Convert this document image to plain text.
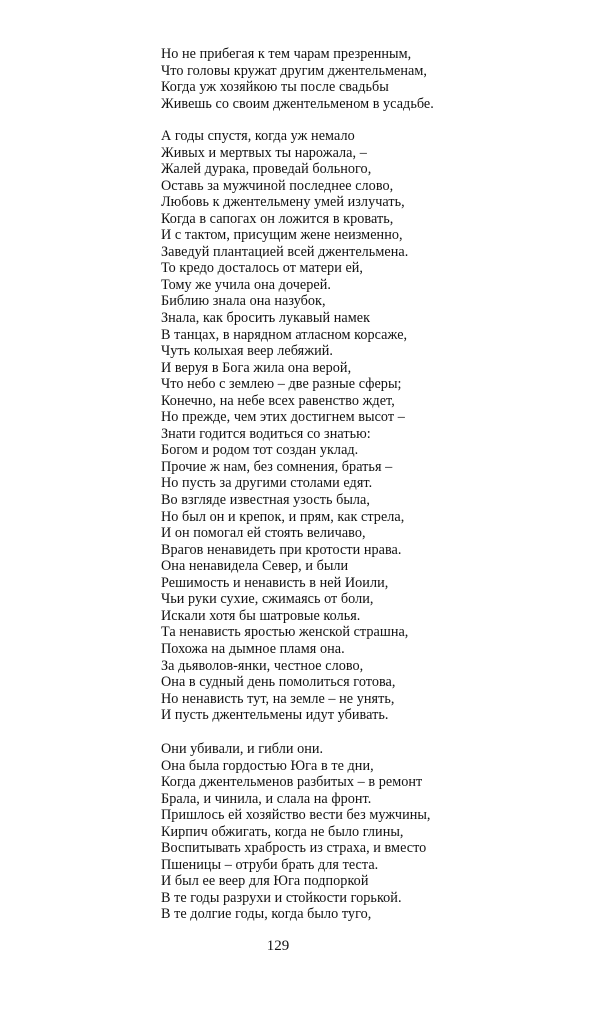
Но не прибегая к тем чарам презренным,
Что головы кружат другим джентельменам,
Когда уж хозяйкою ты после свадьбы
Живешь со своим джентельменом в усадьбе.
А годы спустя, когда уж немало
Живых и мертвых ты нарожала, –
Жалей дурака, проведай больного,
Оставь за мужчиной последнее слово,
Любовь к джентельмену умей излучать,
Когда в сапогах он ложится в кровать,
И с тактом, присущим жене неизменно,
Заведуй плантацией всей джентельмена.
То кредо досталось от матери ей,
Тому же учила она дочерей.
Библию знала она назубок,
Знала, как бросить лукавый намек
В танцах, в нарядном атласном корсаже,
Чуть колыхая веер лебяжий.
И веруя в Бога жила она верой,
Что небо с землею – две разные сферы;
Конечно, на небе всех равенство ждет,
Но прежде, чем этих достигнем высот –
Знати годится водиться со знатью:
Богом и родом тот создан уклад.
Прочие ж нам, без сомнения, братья –
Но пусть за другими столами едят.
Во взгляде известная узость была,
Но был он и крепок, и прям, как стрела,
И он помогал ей стоять величаво,
Врагов ненавидеть при кротости нрава.
Она ненавидела Север, и были
Решимость и ненависть в ней Иоили,
Чьи руки сухие, сжимаясь от боли,
Искали хотя бы шатровые колья.
Та ненависть яростью женской страшна,
Похожа на дымное пламя она.
За дьяволов-янки, честное слово,
Она в судный день помолиться готова,
Но ненависть тут, на земле – не унять,
И пусть джентельмены идут убивать.
Они убивали, и гибли они.
Она была гордостью Юга в те дни,
Когда джентельменов разбитых – в ремонт
Брала, и чинила, и слала на фронт.
Пришлось ей хозяйство вести без мужчины,
Кирпич обжигать, когда не было глины,
Воспитывать храбрость из страха, и вместо
Пшеницы – отруби брать для теста.
И был ее веер для Юга подпоркой
В те годы разрухи и стойкости горькой.
В те долгие годы, когда было туго,
129
